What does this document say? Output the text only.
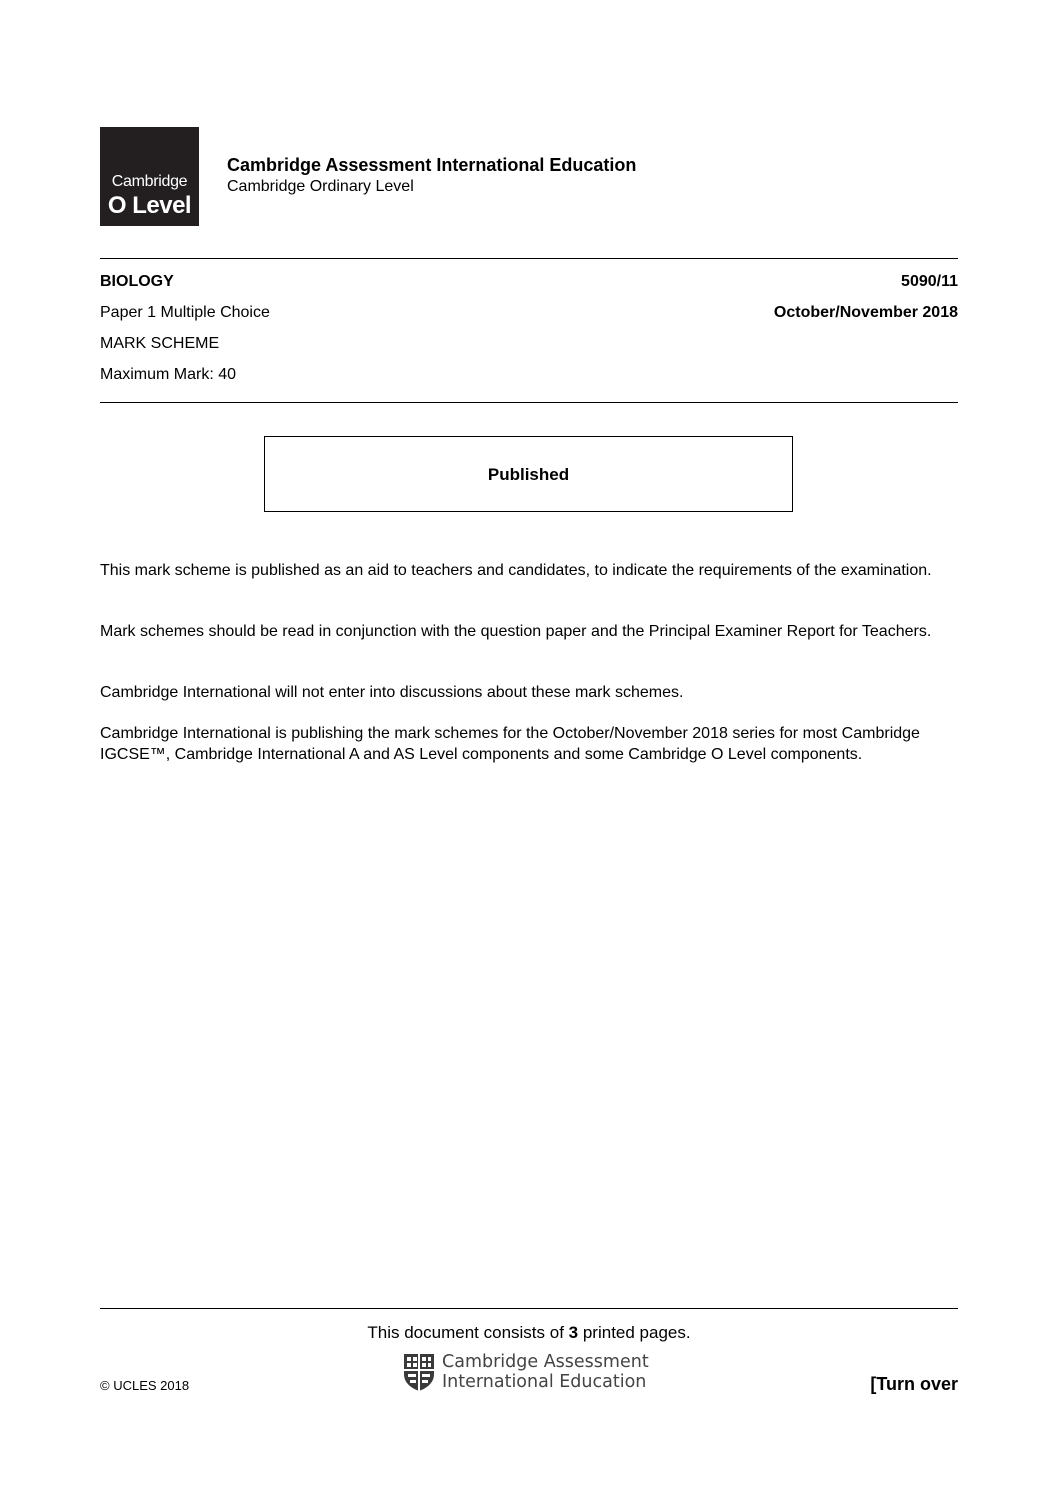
Cambridge
O Level
Cambridge Assessment International Education
Cambridge Ordinary Level
BIOLOGY	5090/11
Paper 1 Multiple Choice	October/November 2018
MARK SCHEME
Maximum Mark: 40
Published
This mark scheme is published as an aid to teachers and candidates, to indicate the requirements of the examination.
Mark schemes should be read in conjunction with the question paper and the Principal Examiner Report for Teachers.
Cambridge International will not enter into discussions about these mark schemes.
Cambridge International is publishing the mark schemes for the October/November 2018 series for most Cambridge IGCSE™, Cambridge International A and AS Level components and some Cambridge O Level components.
This document consists of 3 printed pages.
Cambridge Assessment
International Education
© UCLES 2018	[Turn over
